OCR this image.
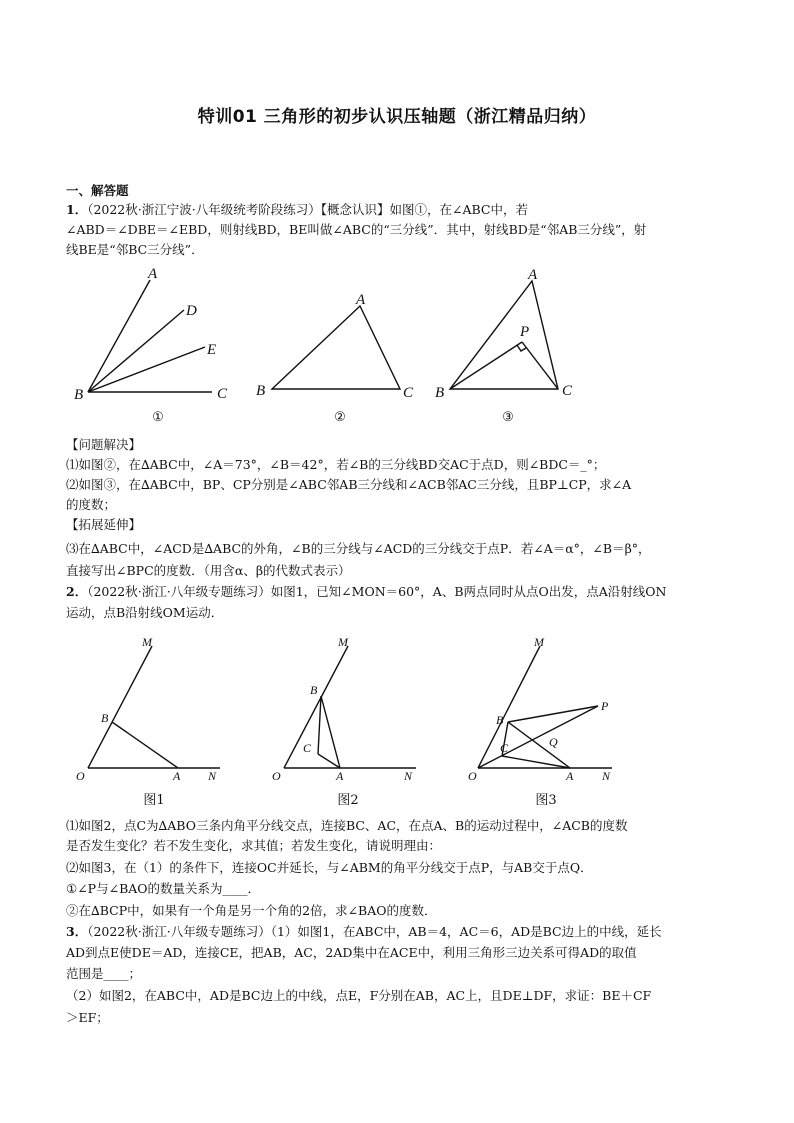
特训01 三角形的初步认识压轴题（浙江精品归纳）
一、解答题
1．（2022秋·浙江宁波·八年级统考阶段练习）【概念认识】如图①，在∠ABC中，若
∠ABD＝∠DBE＝∠EBD，则射线BD，BE叫做∠ABC的“三分线”．其中，射线BD是“邻AB三分线”，射
线BE是“邻BC三分线”．
A
D
E
B	C
A
B	C
A
P
B	C
①	②	③
【问题解决】
⑴如图②，在∆ABC中，∠A＝73°，∠B＝42°，若∠B的三分线BD交AC于点D，则∠BDC＝_°；
⑵如图③，在∆ABC中，BP、CP分别是∠ABC邻AB三分线和∠ACB邻AC三分线，且BP⊥CP，求∠A
的度数；
【拓展延伸】
⑶在∆ABC中，∠ACD是∆ABC的外角，∠B的三分线与∠ACD的三分线交于点P．若∠A＝α°，∠B＝β°，
直接写出∠BPC的度数．（用含α、β的代数式表示）
2．（2022秋·浙江·八年级专题练习）如图1，已知∠MON＝60°，A、B两点同时从点O出发，点A沿射线ON
运动，点B沿射线OM运动．
M
B
O	A N
M
B
C
O	A	N
M
B
P
Q
C
O	A N
图1	图2	图3
⑴如图2，点C为∆ABO三条内角平分线交点，连接BC、AC，在点A、B的运动过程中，∠ACB的度数
是否发生变化？若不发生变化，求其值；若发生变化，请说明理由：
⑵如图3，在（1）的条件下，连接OC并延长，与∠ABM的角平分线交于点P，与AB交于点Q．
①∠P与∠BAO的数量关系为____．
②在∆BCP中，如果有一个角是另一个角的2倍，求∠BAO的度数．
3．（2022秋·浙江·八年级专题练习）（1）如图1，在ABC中，AB＝4，AC＝6，AD是BC边上的中线，延长
AD到点E使DE＝AD，连接CE，把AB，AC，2AD集中在ACE中，利用三角形三边关系可得AD的取值
范围是____；
（2）如图2，在ABC中，AD是BC边上的中线，点E，F分别在AB，AC上，且DE⊥DF，求证：BE＋CF
＞EF；
